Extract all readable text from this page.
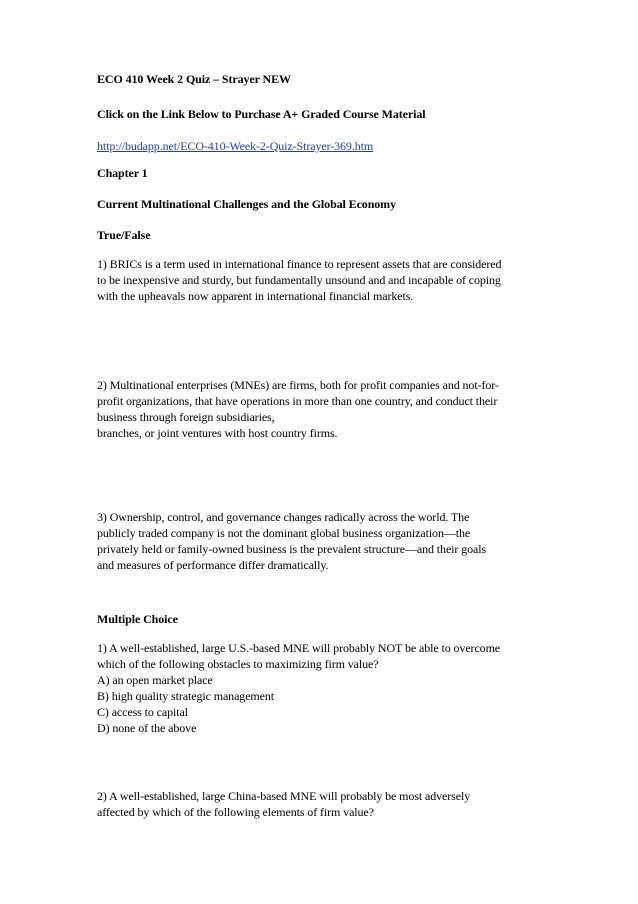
ECO 410 Week 2 Quiz – Strayer NEW
Click on the Link Below to Purchase A+ Graded Course Material
http://budapp.net/ECO-410-Week-2-Quiz-Strayer-369.htm
Chapter 1
Current Multinational Challenges and the Global Economy
True/False
1) BRICs is a term used in international finance to represent assets that are considered
to be inexpensive and sturdy, but fundamentally unsound and and incapable of coping
with the upheavals now apparent in international financial markets.
2) Multinational enterprises (MNEs) are firms, both for profit companies and not-for-
profit organizations, that have operations in more than one country, and conduct their
business through foreign subsidiaries,
branches, or joint ventures with host country firms.
3) Ownership, control, and governance changes radically across the world. The
publicly traded company is not the dominant global business organization—the
privately held or family-owned business is the prevalent structure—and their goals
and measures of performance differ dramatically.
Multiple Choice
1) A well-established, large U.S.-based MNE will probably NOT be able to overcome
which of the following obstacles to maximizing firm value?
A) an open market place
B) high quality strategic management
C) access to capital
D) none of the above
2) A well-established, large China-based MNE will probably be most adversely
affected by which of the following elements of firm value?
